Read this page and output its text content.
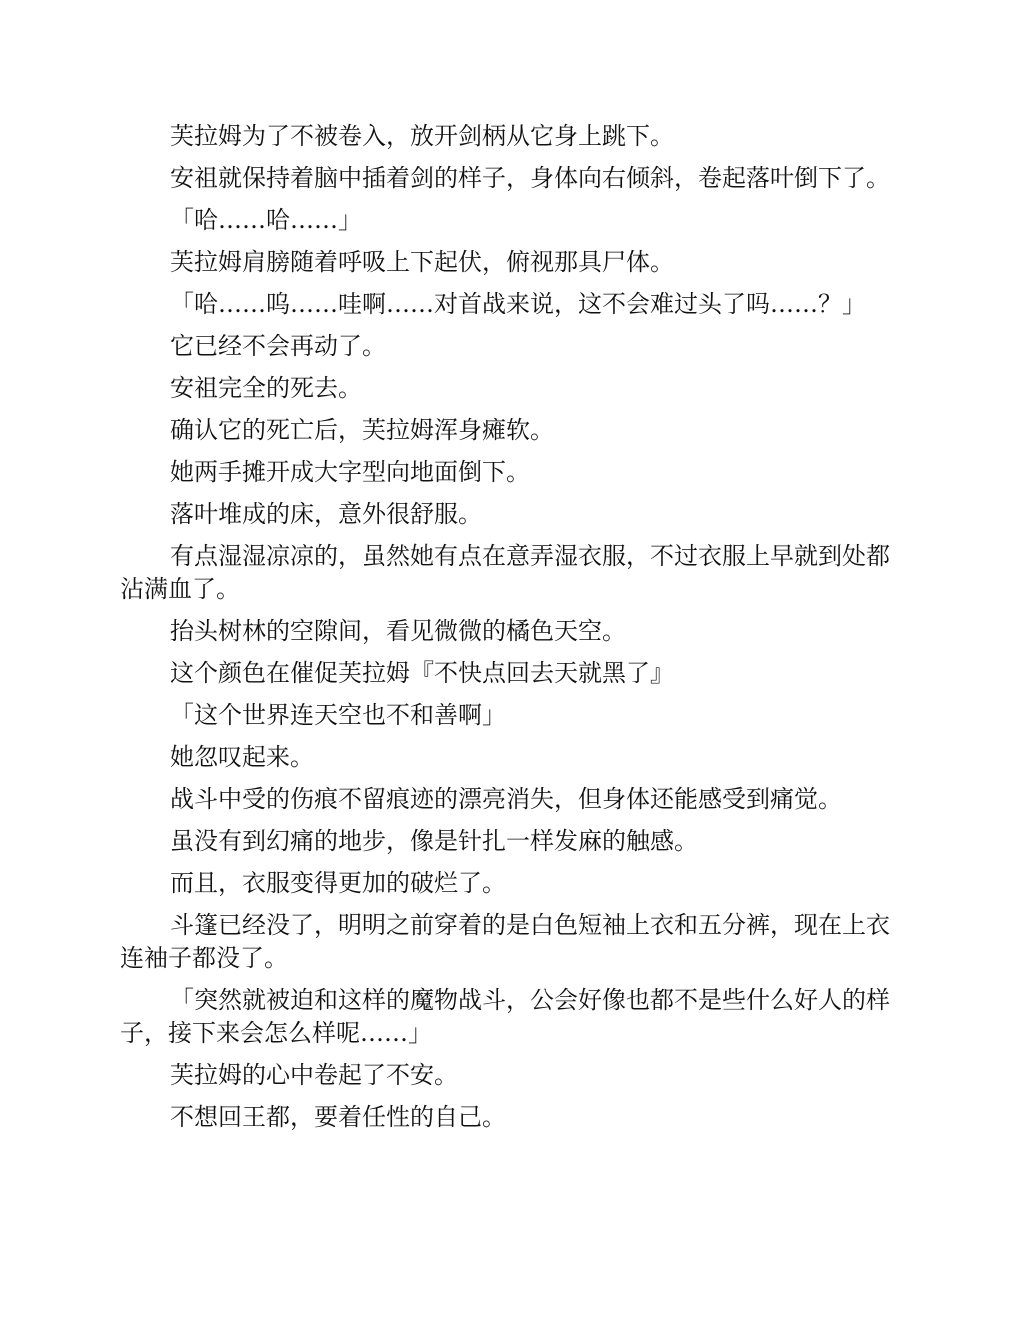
芙拉姆为了不被卷入，放开剑柄从它身上跳下。

安祖就保持着脑中插着剑的样子，身体向右倾斜，卷起落叶倒下了。

「哈……哈……」

芙拉姆肩膀随着呼吸上下起伏，俯视那具尸体。

「哈……呜……哇啊……对首战来说，这不会难过头了吗……？」

它已经不会再动了。

安祖完全的死去。

确认它的死亡后，芙拉姆浑身瘫软。

她两手摊开成大字型向地面倒下。

落叶堆成的床，意外很舒服。

有点湿湿凉凉的，虽然她有点在意弄湿衣服，不过衣服上早就到处都沾满血了。

抬头树林的空隙间，看见微微的橘色天空。

这个颜色在催促芙拉姆『不快点回去天就黑了』

「这个世界连天空也不和善啊」

她忽叹起来。

战斗中受的伤痕不留痕迹的漂亮消失，但身体还能感受到痛觉。

虽没有到幻痛的地步，像是针扎一样发麻的触感。

而且，衣服变得更加的破烂了。

斗篷已经没了，明明之前穿着的是白色短袖上衣和五分裤，现在上衣连袖子都没了。

「突然就被迫和这样的魔物战斗，公会好像也都不是些什么好人的样子，接下来会怎么样呢……」

芙拉姆的心中卷起了不安。

不想回王都，要着任性的自己。
